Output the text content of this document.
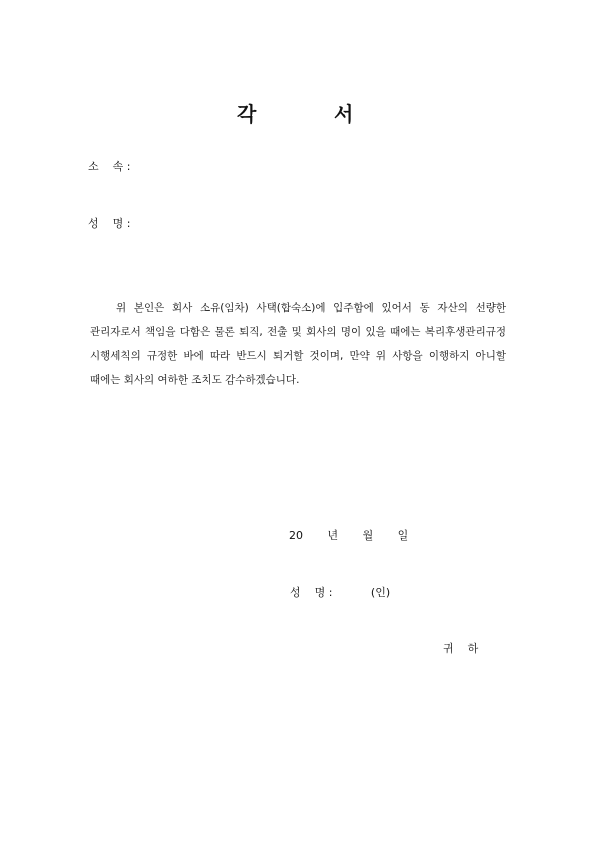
각	서
소    속 :
성    명 :

위 본인은 회사 소유(임차) 사택(합숙소)에 입주함에 있어서 동 자산의 선량한 관리자로서 책임을 다함은 물론 퇴직, 전출 및 회사의 명이 있을 때에는 복리후생관리규정 시행세칙의 규정한 바에 따라 반드시 퇴거할 것이며, 만약 위 사항을 이행하지 아니할 때에는 회사의 여하한 조치도 감수하겠습니다.

20       년       월       일
성    명 :           (인)
귀    하
